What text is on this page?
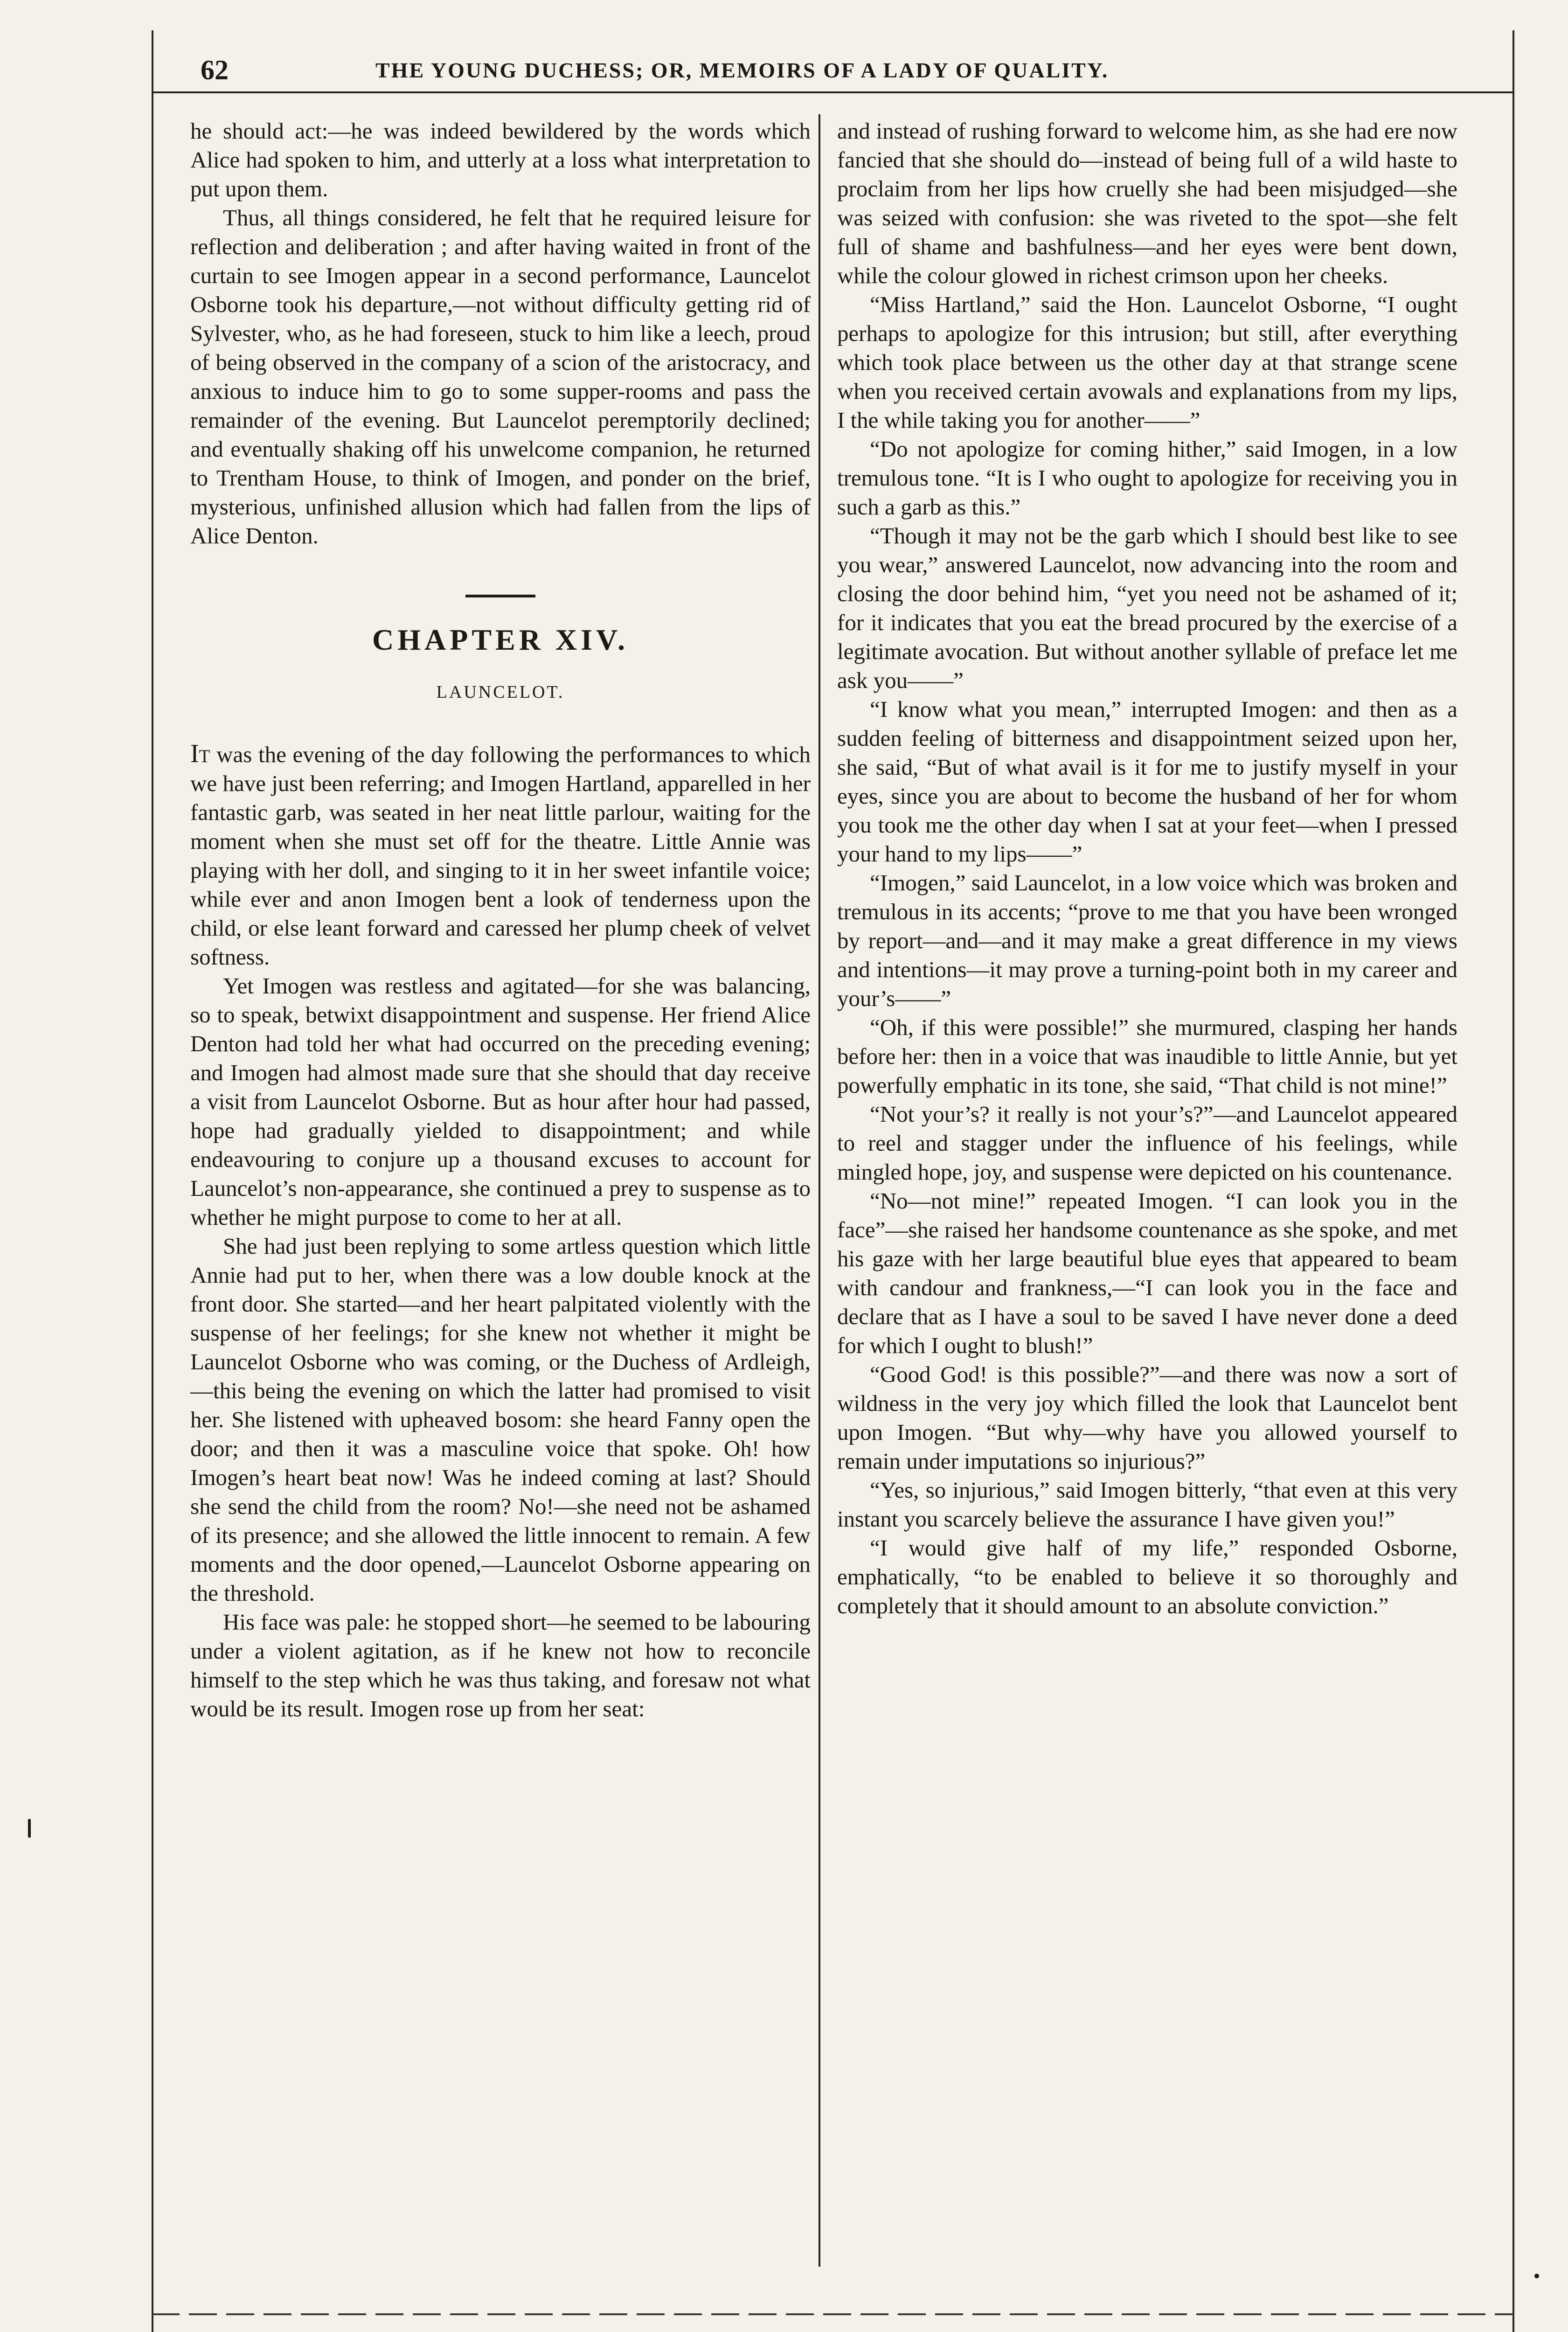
62	THE YOUNG DUCHESS; OR, MEMOIRS OF A LADY OF QUALITY.

he should act:—he was indeed bewildered by the words which Alice had spoken to him, and utterly at a loss what interpretation to put upon them.

Thus, all things considered, he felt that he required leisure for reflection and deliberation ; and after having waited in front of the curtain to see Imogen appear in a second performance, Launcelot Osborne took his departure,—not without difficulty getting rid of Sylvester, who, as he had foreseen, stuck to him like a leech, proud of being observed in the company of a scion of the aristocracy, and anxious to induce him to go to some supper-rooms and pass the remainder of the evening. But Launcelot peremptorily declined; and eventually shaking off his unwelcome companion, he returned to Trentham House, to think of Imogen, and ponder on the brief, mysterious, unfinished allusion which had fallen from the lips of Alice Denton.

CHAPTER XIV.
LAUNCELOT.

It was the evening of the day following the performances to which we have just been referring; and Imogen Hartland, apparelled in her fantastic garb, was seated in her neat little parlour, waiting for the moment when she must set off for the theatre. Little Annie was playing with her doll, and singing to it in her sweet infantile voice; while ever and anon Imogen bent a look of tenderness upon the child, or else leant forward and caressed her plump cheek of velvet softness.

Yet Imogen was restless and agitated—for she was balancing, so to speak, betwixt disappointment and suspense. Her friend Alice Denton had told her what had occurred on the preceding evening; and Imogen had almost made sure that she should that day receive a visit from Launcelot Osborne. But as hour after hour had passed, hope had gradually yielded to disappointment; and while endeavouring to conjure up a thousand excuses to account for Launcelot’s non-appearance, she continued a prey to suspense as to whether he might purpose to come to her at all.

She had just been replying to some artless question which little Annie had put to her, when there was a low double knock at the front door. She started—and her heart palpitated violently with the suspense of her feelings; for she knew not whether it might be Launcelot Osborne who was coming, or the Duchess of Ardleigh,—this being the evening on which the latter had promised to visit her. She listened with upheaved bosom: she heard Fanny open the door; and then it was a masculine voice that spoke. Oh! how Imogen’s heart beat now! Was he indeed coming at last? Should she send the child from the room? No!—she need not be ashamed of its presence; and she allowed the little innocent to remain. A few moments and the door opened,—Launcelot Osborne appearing on the threshold.

His face was pale: he stopped short—he seemed to be labouring under a violent agitation, as if he knew not how to reconcile himself to the step which he was thus taking, and foresaw not what would be its result. Imogen rose up from her seat:

and instead of rushing forward to welcome him, as she had ere now fancied that she should do—instead of being full of a wild haste to proclaim from her lips how cruelly she had been misjudged—she was seized with confusion: she was riveted to the spot—she felt full of shame and bashfulness—and her eyes were bent down, while the colour glowed in richest crimson upon her cheeks.

“Miss Hartland,” said the Hon. Launcelot Osborne, “I ought perhaps to apologize for this intrusion; but still, after everything which took place between us the other day at that strange scene when you received certain avowals and explanations from my lips, I the while taking you for another——”

“Do not apologize for coming hither,” said Imogen, in a low tremulous tone. “It is I who ought to apologize for receiving you in such a garb as this.”

“Though it may not be the garb which I should best like to see you wear,” answered Launcelot, now advancing into the room and closing the door behind him, “yet you need not be ashamed of it; for it indicates that you eat the bread procured by the exercise of a legitimate avocation. But without another syllable of preface let me ask you——”

“I know what you mean,” interrupted Imogen: and then as a sudden feeling of bitterness and disappointment seized upon her, she said, “But of what avail is it for me to justify myself in your eyes, since you are about to become the husband of her for whom you took me the other day when I sat at your feet—when I pressed your hand to my lips——”

“Imogen,” said Launcelot, in a low voice which was broken and tremulous in its accents; “prove to me that you have been wronged by report—and—and it may make a great difference in my views and intentions—it may prove a turning-point both in my career and your’s——”

“Oh, if this were possible!” she murmured, clasping her hands before her: then in a voice that was inaudible to little Annie, but yet powerfully emphatic in its tone, she said, “That child is not mine!”

“Not your’s? it really is not your’s?”—and Launcelot appeared to reel and stagger under the influence of his feelings, while mingled hope, joy, and suspense were depicted on his countenance.

“No—not mine!” repeated Imogen. “I can look you in the face”—she raised her handsome countenance as she spoke, and met his gaze with her large beautiful blue eyes that appeared to beam with candour and frankness,—“I can look you in the face and declare that as I have a soul to be saved I have never done a deed for which I ought to blush!”

“Good God! is this possible?”—and there was now a sort of wildness in the very joy which filled the look that Launcelot bent upon Imogen. “But why—why have you allowed yourself to remain under imputations so injurious?”

“Yes, so injurious,” said Imogen bitterly, “that even at this very instant you scarcely believe the assurance I have given you!”

“I would give half of my life,” responded Osborne, emphatically, “to be enabled to believe it so thoroughly and completely that it should amount to an absolute conviction.”
